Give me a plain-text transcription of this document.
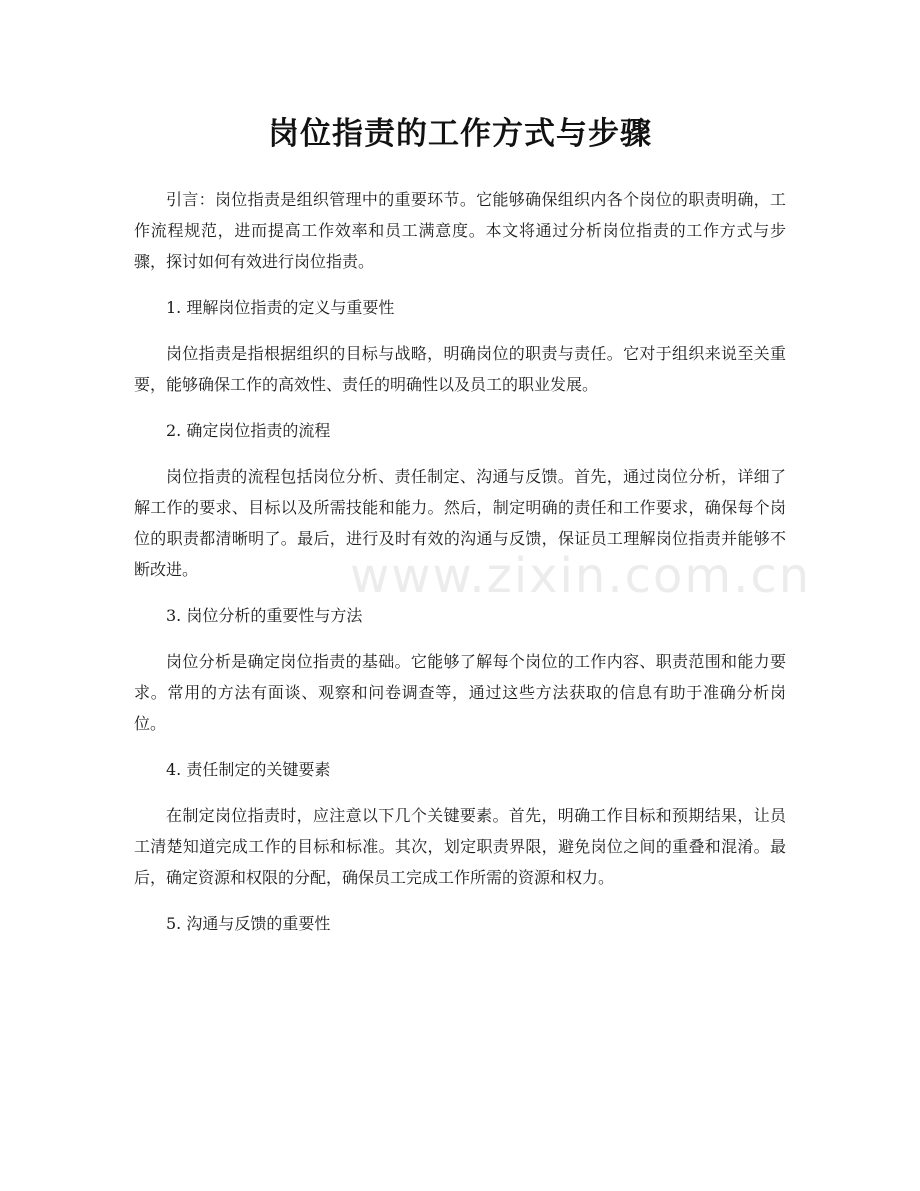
岗位指责的工作方式与步骤
www.zixin.com.cn

引言：岗位指责是组织管理中的重要环节。它能够确保组织内各个岗位的职责明确，工作流程规范，进而提高工作效率和员工满意度。本文将通过分析岗位指责的工作方式与步骤，探讨如何有效进行岗位指责。

1. 理解岗位指责的定义与重要性

岗位指责是指根据组织的目标与战略，明确岗位的职责与责任。它对于组织来说至关重要，能够确保工作的高效性、责任的明确性以及员工的职业发展。

2. 确定岗位指责的流程

岗位指责的流程包括岗位分析、责任制定、沟通与反馈。首先，通过岗位分析，详细了解工作的要求、目标以及所需技能和能力。然后，制定明确的责任和工作要求，确保每个岗位的职责都清晰明了。最后，进行及时有效的沟通与反馈，保证员工理解岗位指责并能够不断改进。

3. 岗位分析的重要性与方法

岗位分析是确定岗位指责的基础。它能够了解每个岗位的工作内容、职责范围和能力要求。常用的方法有面谈、观察和问卷调查等，通过这些方法获取的信息有助于准确分析岗位。

4. 责任制定的关键要素

在制定岗位指责时，应注意以下几个关键要素。首先，明确工作目标和预期结果，让员工清楚知道完成工作的目标和标准。其次，划定职责界限，避免岗位之间的重叠和混淆。最后，确定资源和权限的分配，确保员工完成工作所需的资源和权力。

5. 沟通与反馈的重要性
